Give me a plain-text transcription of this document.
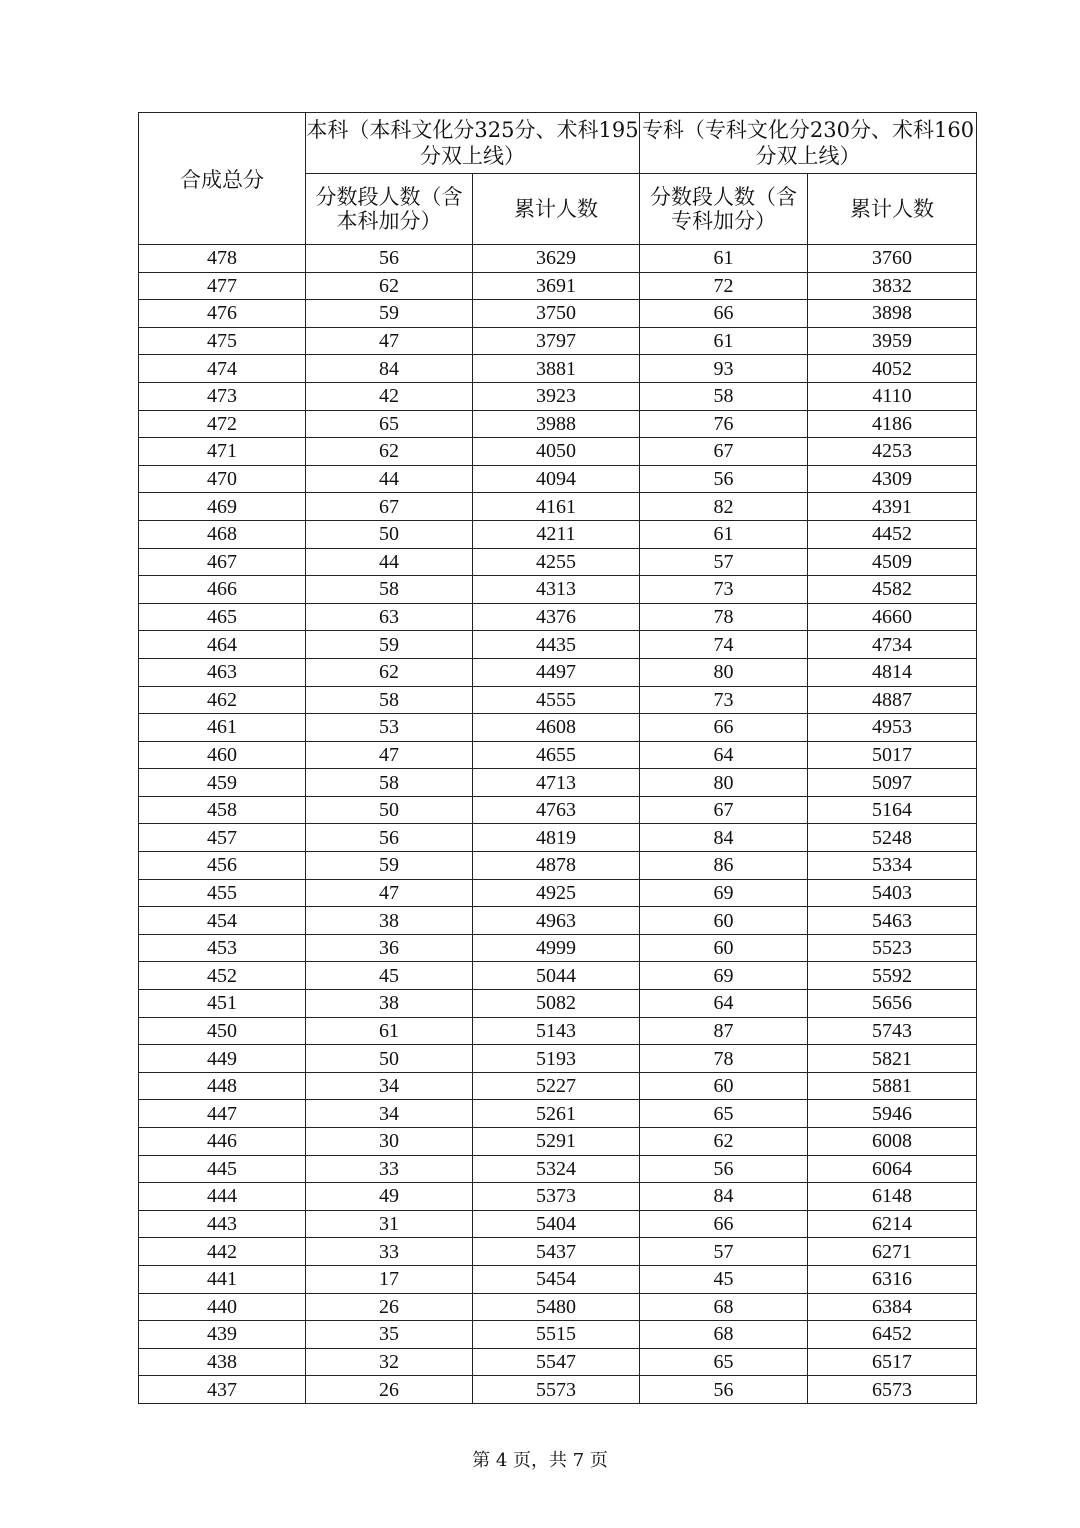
合成总分	本科（本科文化分325分、术科195分双上线）		专科（专科文化分230分、术科160分双上线）	
	分数段人数（含本科加分）	累计人数	分数段人数（含专科加分）	累计人数
478	56	3629	61	3760
477	62	3691	72	3832
476	59	3750	66	3898
475	47	3797	61	3959
474	84	3881	93	4052
473	42	3923	58	4110
472	65	3988	76	4186
471	62	4050	67	4253
470	44	4094	56	4309
469	67	4161	82	4391
468	50	4211	61	4452
467	44	4255	57	4509
466	58	4313	73	4582
465	63	4376	78	4660
464	59	4435	74	4734
463	62	4497	80	4814
462	58	4555	73	4887
461	53	4608	66	4953
460	47	4655	64	5017
459	58	4713	80	5097
458	50	4763	67	5164
457	56	4819	84	5248
456	59	4878	86	5334
455	47	4925	69	5403
454	38	4963	60	5463
453	36	4999	60	5523
452	45	5044	69	5592
451	38	5082	64	5656
450	61	5143	87	5743
449	50	5193	78	5821
448	34	5227	60	5881
447	34	5261	65	5946
446	30	5291	62	6008
445	33	5324	56	6064
444	49	5373	84	6148
443	31	5404	66	6214
442	33	5437	57	6271
441	17	5454	45	6316
440	26	5480	68	6384
439	35	5515	68	6452
438	32	5547	65	6517
437	26	5573	56	6573
第 4 页，共 7 页
